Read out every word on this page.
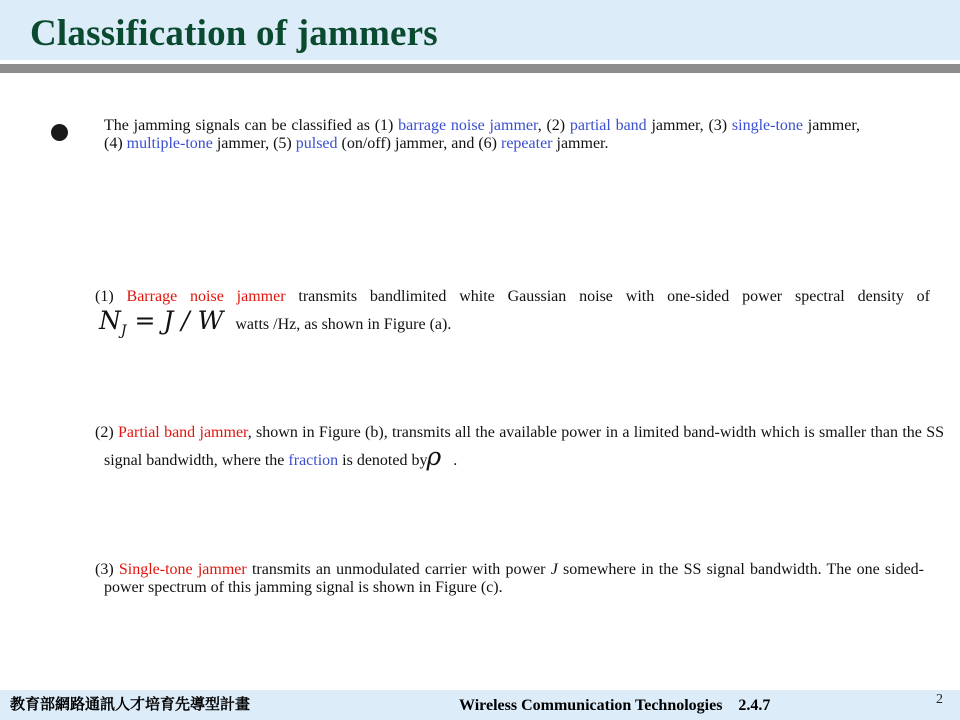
Classification of jammers

The jamming signals can be classified as (1) barrage noise jammer, (2) partial band jammer, (3) single-tone jammer, (4) multiple-tone jammer, (5) pulsed (on/off) jammer, and (6) repeater jammer.

(1) Barrage noise jammer transmits bandlimited white Gaussian noise with one-sided power spectral density of $N_J = J / W$ watts /Hz, as shown in Figure (a).

(2) Partial band jammer, shown in Figure (b), transmits all the available power in a limited band-width which is smaller than the SS signal bandwidth, where the fraction is denoted by ρ .

(3) Single-tone jammer transmits an unmodulated carrier with power J somewhere in the SS signal bandwidth. The one sided-power spectrum of this jamming signal is shown in Figure (c).

教育部網路通訊人才培育先導型計畫	Wireless Communication Technologies    2.4.7	2
